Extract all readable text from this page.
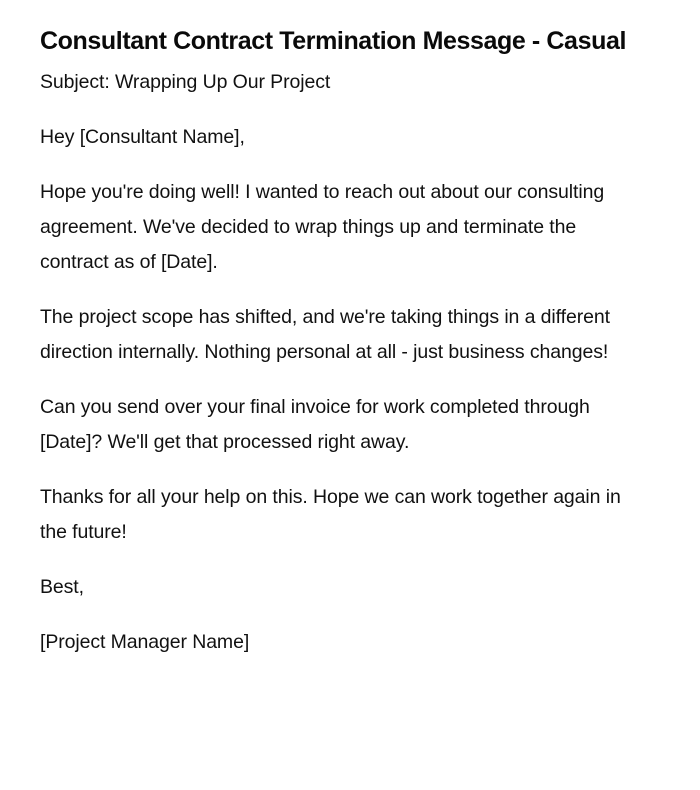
Consultant Contract Termination Message - Casual

Subject: Wrapping Up Our Project

Hey [Consultant Name],

Hope you're doing well! I wanted to reach out about our consulting agreement. We've decided to wrap things up and terminate the contract as of [Date].

The project scope has shifted, and we're taking things in a different direction internally. Nothing personal at all - just business changes!

Can you send over your final invoice for work completed through [Date]? We'll get that processed right away.

Thanks for all your help on this. Hope we can work together again in the future!

Best,

[Project Manager Name]
